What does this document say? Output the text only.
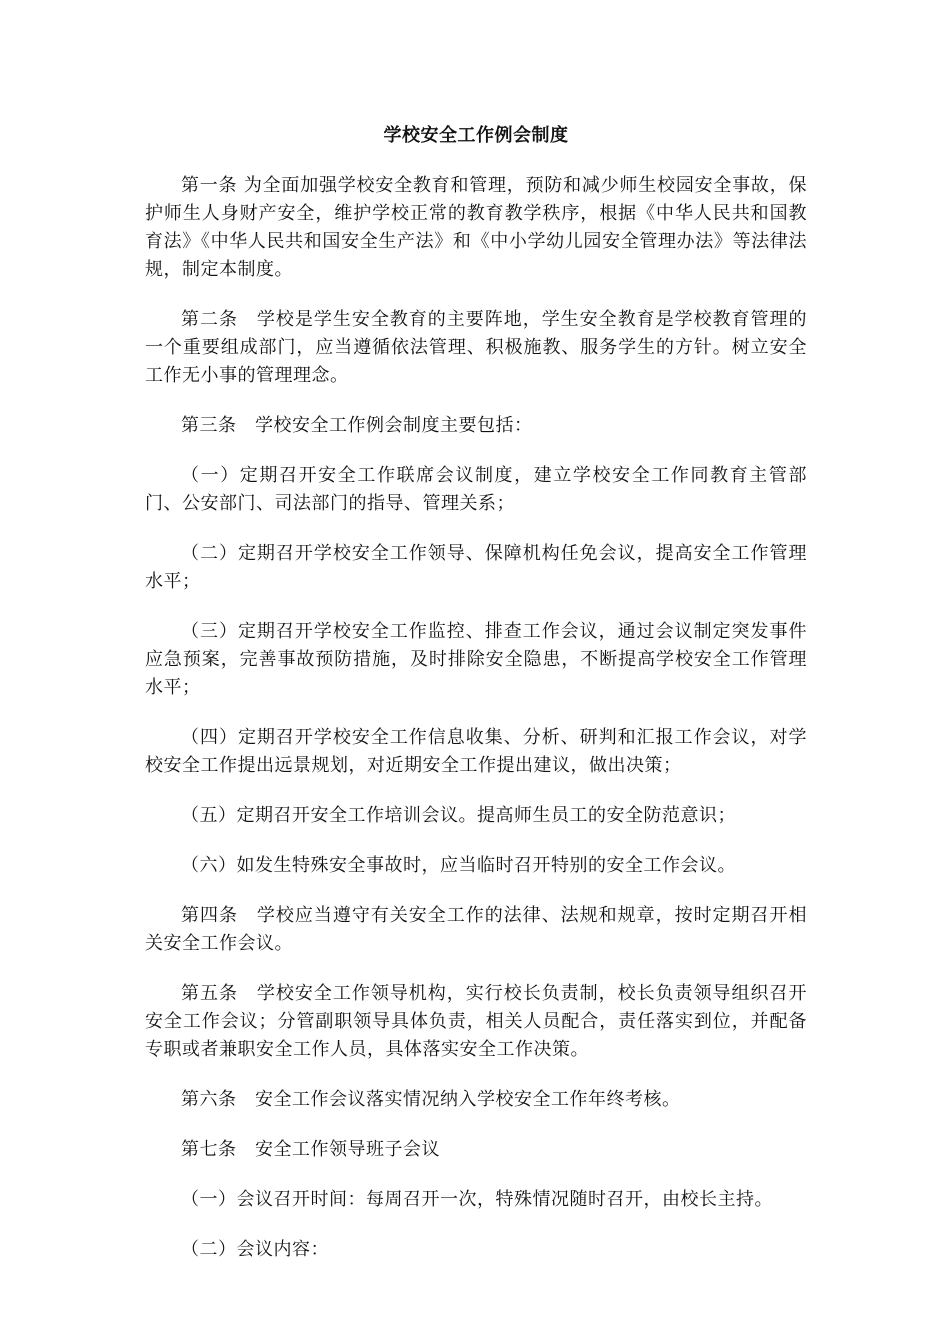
学校安全工作例会制度

第一条 为全面加强学校安全教育和管理，预防和减少师生校园安全事故，保护师生人身财产安全，维护学校正常的教育教学秩序，根据《中华人民共和国教育法》《中华人民共和国安全生产法》和《中小学幼儿园安全管理办法》等法律法规，制定本制度。

第二条　学校是学生安全教育的主要阵地，学生安全教育是学校教育管理的一个重要组成部门，应当遵循依法管理、积极施教、服务学生的方针。树立安全工作无小事的管理理念。

第三条　学校安全工作例会制度主要包括：

（一）定期召开安全工作联席会议制度，建立学校安全工作同教育主管部门、公安部门、司法部门的指导、管理关系；

（二）定期召开学校安全工作领导、保障机构任免会议，提高安全工作管理水平；

（三）定期召开学校安全工作监控、排查工作会议，通过会议制定突发事件应急预案，完善事故预防措施，及时排除安全隐患，不断提高学校安全工作管理水平；

（四）定期召开学校安全工作信息收集、分析、研判和汇报工作会议，对学校安全工作提出远景规划，对近期安全工作提出建议，做出决策；

（五）定期召开安全工作培训会议。提高师生员工的安全防范意识；

（六）如发生特殊安全事故时，应当临时召开特别的安全工作会议。

第四条　学校应当遵守有关安全工作的法律、法规和规章，按时定期召开相关安全工作会议。

第五条　学校安全工作领导机构，实行校长负责制，校长负责领导组织召开安全工作会议；分管副职领导具体负责，相关人员配合，责任落实到位，并配备专职或者兼职安全工作人员，具体落实安全工作决策。

第六条　安全工作会议落实情况纳入学校安全工作年终考核。

第七条　安全工作领导班子会议

（一）会议召开时间：每周召开一次，特殊情况随时召开，由校长主持。

（二）会议内容：
